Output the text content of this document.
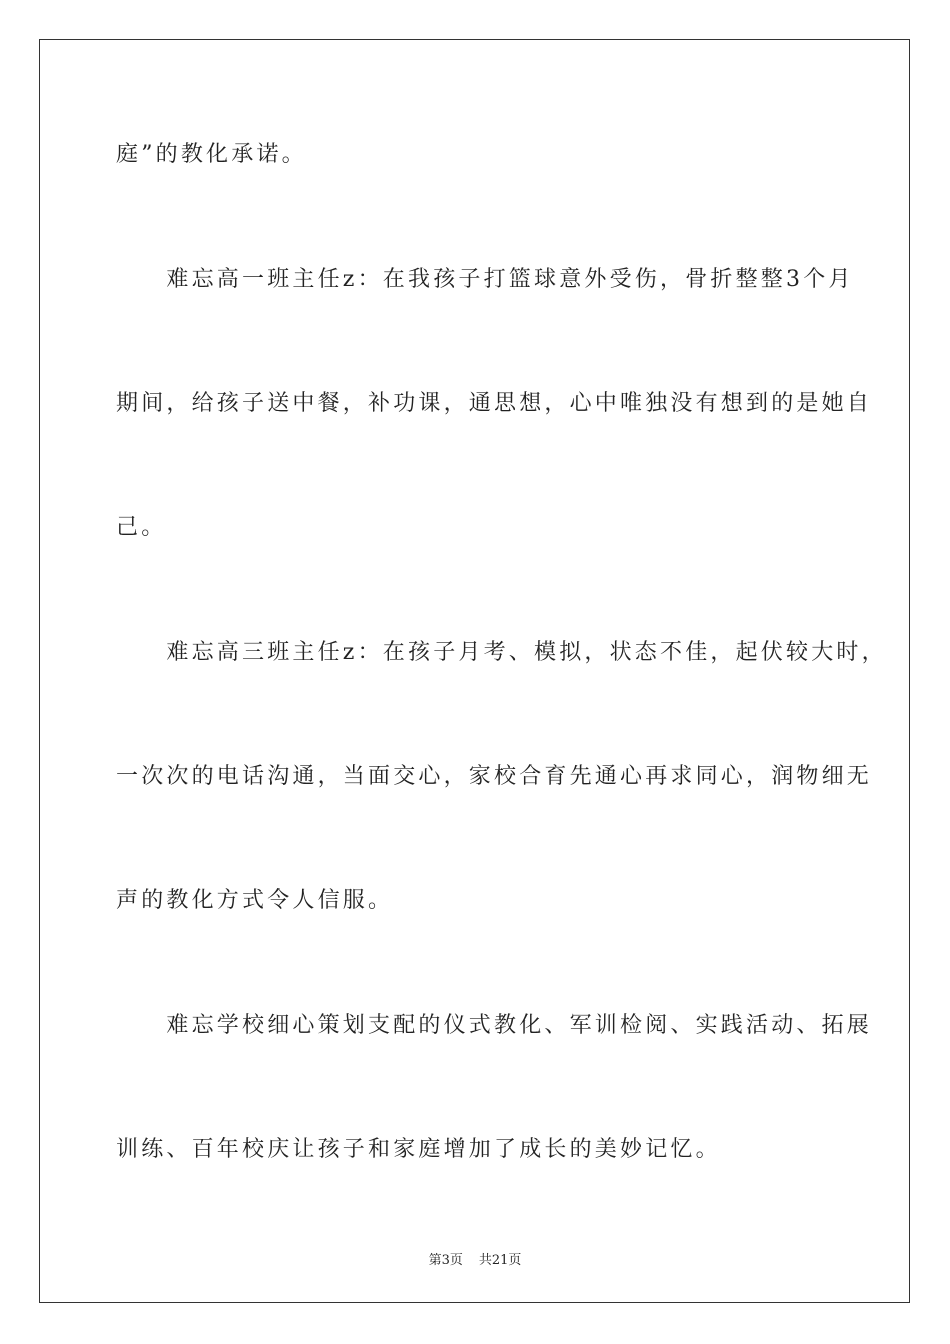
庭”的教化承诺。
　　难忘高一班主任z：在我孩子打篮球意外受伤，骨折整整3个月
期间，给孩子送中餐，补功课，通思想，心中唯独没有想到的是她自
己。
　　难忘高三班主任z：在孩子月考、模拟，状态不佳，起伏较大时，
一次次的电话沟通，当面交心，家校合育先通心再求同心，润物细无
声的教化方式令人信服。
　　难忘学校细心策划支配的仪式教化、军训检阅、实践活动、拓展
训练、百年校庆让孩子和家庭增加了成长的美妙记忆。
第3页 共21页
